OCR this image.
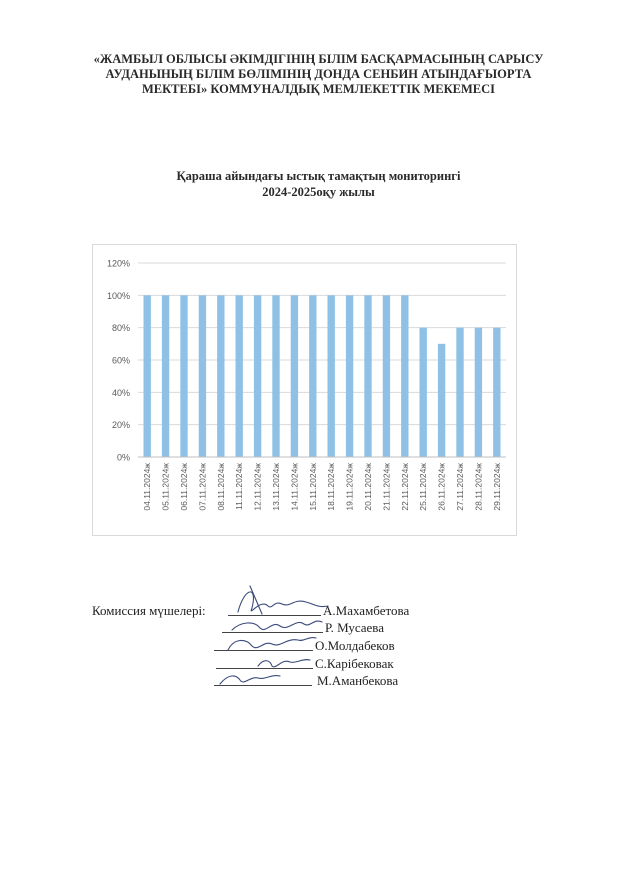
«ЖАМБЫЛ ОБЛЫСЫ ӘКІМДІГІНІҢ БІЛІМ БАСҚАРМАСЫНЫҢ САРЫСУ
АУДАНЫНЫҢ БІЛІМ БӨЛІМІНІҢ ДОНДА СЕНБИН АТЫНДАҒЫОРТА
МЕКТЕБІ» КОММУНАЛДЫҚ МЕМЛЕКЕТТІК МЕКЕМЕСІ
Қараша айындағы ыстық тамақтың мониторингі
2024-2025оқу жылы
0%
20%
40%
60%
80%
100%
120%
04.11.2024ж 05.11.2024ж 06.11.2024ж 07.11.2024ж 08.11.2024ж 11.11.2024ж 12.11.2024ж 13.11.2024ж 14.11.2024ж 15.11.2024ж 18.11.2024ж 19.11.2024ж 20.11.2024ж 21.11.2024ж 22.11.2024ж 25.11.2024ж 26.11.2024ж 27.11.2024ж 28.11.2024ж 29.11.2024ж
Комиссия мүшелері:	А.Махамбетова
Р. Мусаева
О.Молдабеков
С.Карібековак
М.Аманбекова
